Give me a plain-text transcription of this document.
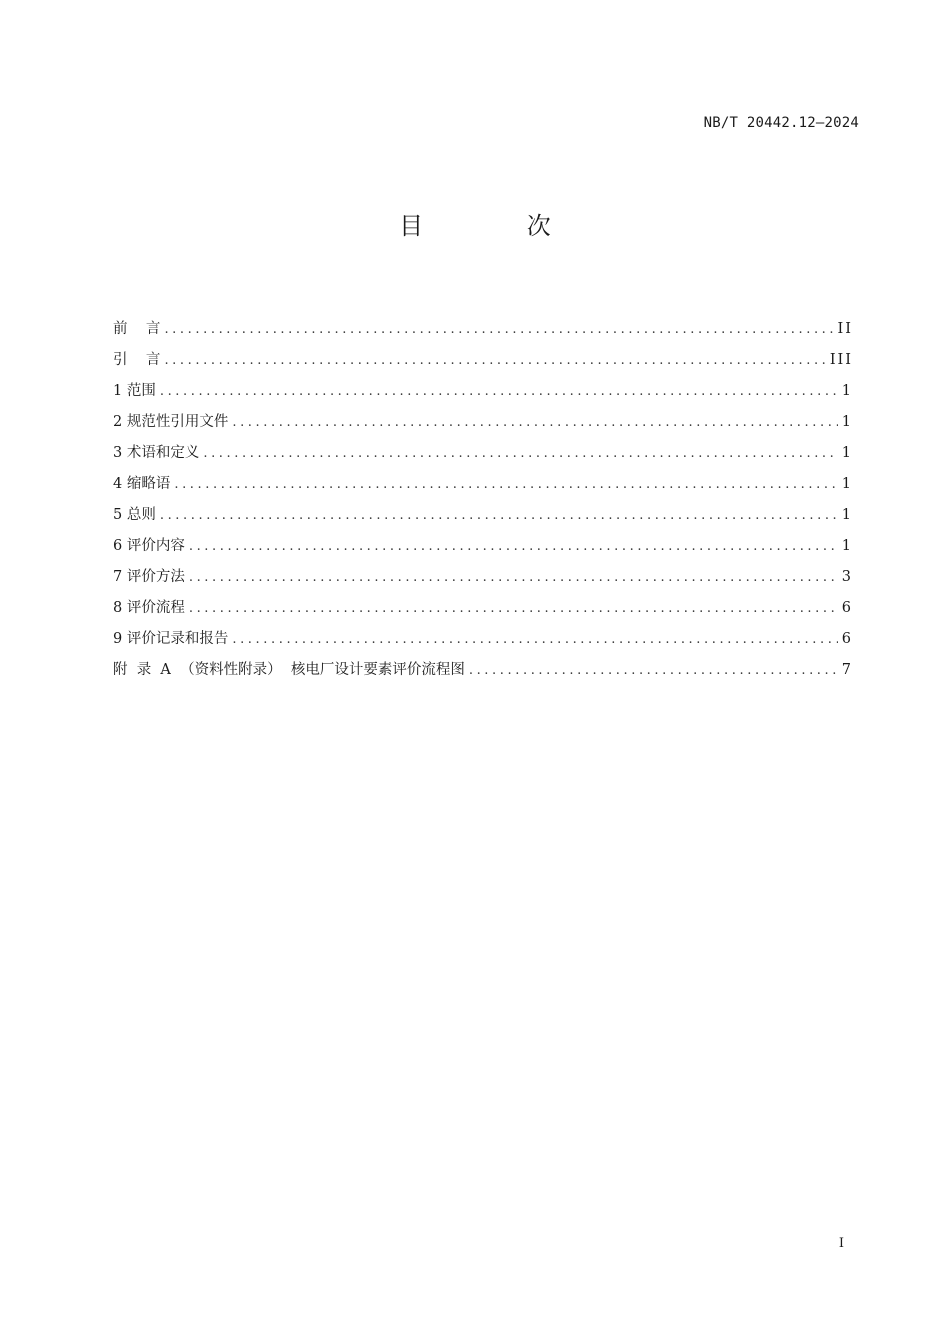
NB/T 20442.12—2024
目 次
前    言 .....	II
引    言 .....	III
1 范围 .....	1
2 规范性引用文件 .....	1
3 术语和定义 .....	1
4 缩略语 .....	1
5 总则 .....	1
6 评价内容 .....	1
7 评价方法 .....	3
8 评价流程 .....	6
9 评价记录和报告 .....	6
附  录  A  （资料性附录）  核电厂设计要素评价流程图 .....	7
I
